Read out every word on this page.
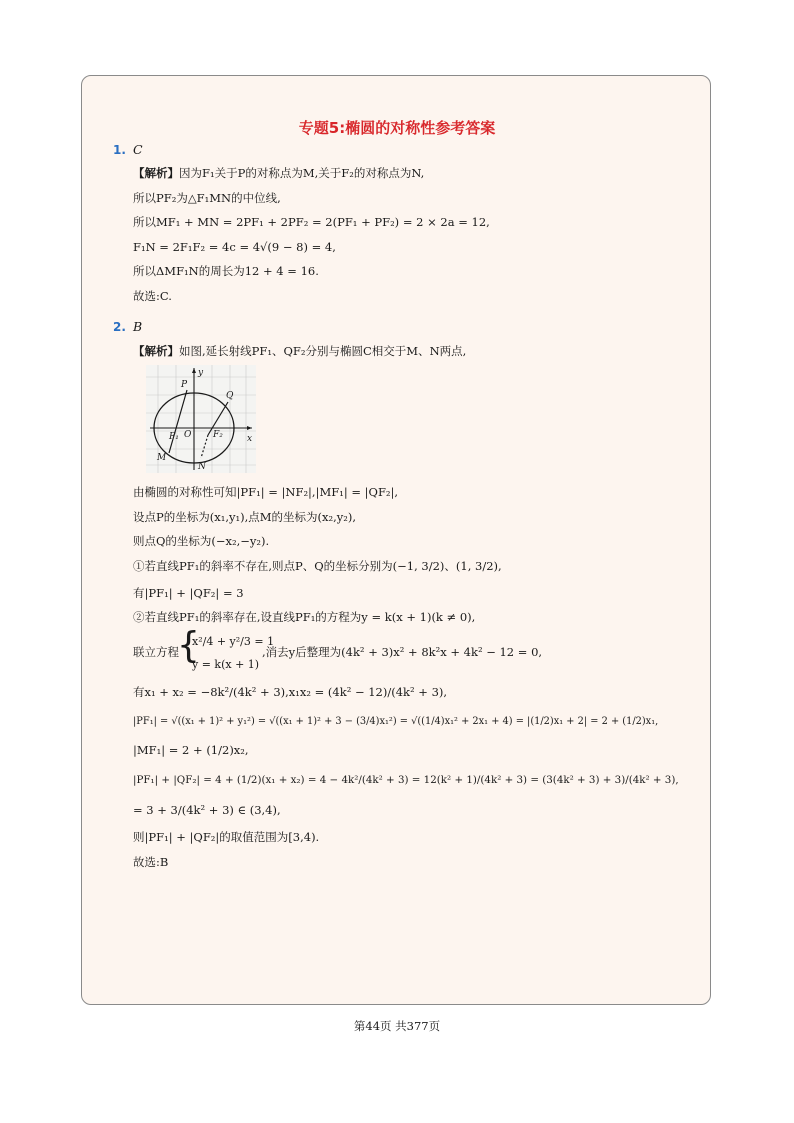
专题5:椭圆的对称性参考答案
1. C
【解析】因为F₁关于P的对称点为M,关于F₂的对称点为N,
所以PF₂为△F₁MN的中位线,
所以MF₁ + MN = 2PF₁ + 2PF₂ = 2(PF₁ + PF₂) = 2 × 2a = 12,
F₁N = 2F₁F₂ = 4c = 4√(9 − 8) = 4,
所以ΔMF₁N的周长为12 + 4 = 16.
故选:C.
2. B
【解析】如图,延长射线PF₁、QF₂分别与椭圆C相交于M、N两点,
y
x
P
Q
F₁ O F₂
M
N
由椭圆的对称性可知|PF₁| = |NF₂|,|MF₁| = |QF₂|,
设点P的坐标为(x₁,y₁),点M的坐标为(x₂,y₂),
则点Q的坐标为(−x₂,−y₂).
①若直线PF₁的斜率不存在,则点P、Q的坐标分别为(−1, 3/2)、(1, 3/2),
有|PF₁| + |QF₂| = 3
②若直线PF₁的斜率存在,设直线PF₁的方程为y = k(x + 1)(k ≠ 0),
联立方程
{
x²/4 + y²/3 = 1
y = k(x + 1)
,消去y后整理为(4k² + 3)x² + 8k²x + 4k² − 12 = 0,
有x₁ + x₂ = −8k²/(4k² + 3),x₁x₂ = (4k² − 12)/(4k² + 3),
|PF₁| = √((x₁ + 1)² + y₁²) = √((x₁ + 1)² + 3 − (3/4)x₁²) = √((1/4)x₁² + 2x₁ + 4) = |(1/2)x₁ + 2| = 2 + (1/2)x₁,
|MF₁| = 2 + (1/2)x₂,
|PF₁| + |QF₂| = 4 + (1/2)(x₁ + x₂) = 4 − 4k²/(4k² + 3) = 12(k² + 1)/(4k² + 3) = (3(4k² + 3) + 3)/(4k² + 3),
= 3 + 3/(4k² + 3) ∈ (3,4),
则|PF₁| + |QF₂|的取值范围为[3,4).
故选:B
第44页 共377页
